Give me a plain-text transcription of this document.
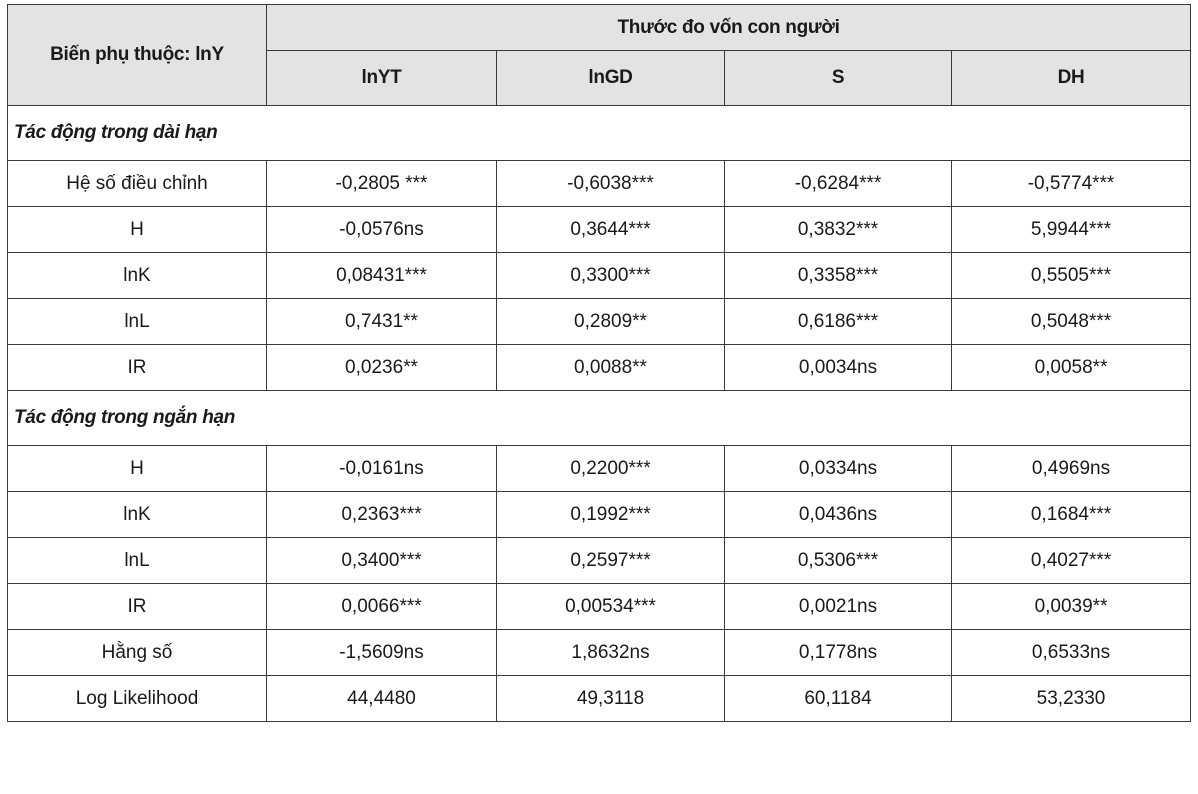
Biến phụ thuộc: lnY	Thước đo vốn con người			
	lnYT	lnGD	S	DH
Tác động trong dài hạn				
Hệ số điều chỉnh	-0,2805 ***	-0,6038***	-0,6284***	-0,5774***
H	-0,0576ns	0,3644***	0,3832***	5,9944***
lnK	0,08431***	0,3300***	0,3358***	0,5505***
lnL	0,7431**	0,2809**	0,6186***	0,5048***
IR	0,0236**	0,0088**	0,0034ns	0,0058**
Tác động trong ngắn hạn				
H	-0,0161ns	0,2200***	0,0334ns	0,4969ns
lnK	0,2363***	0,1992***	0,0436ns	0,1684***
lnL	0,3400***	0,2597***	0,5306***	0,4027***
IR	0,0066***	0,00534***	0,0021ns	0,0039**
Hằng số	-1,5609ns	1,8632ns	0,1778ns	0,6533ns
Log Likelihood	44,4480	49,3118	60,1184	53,2330
